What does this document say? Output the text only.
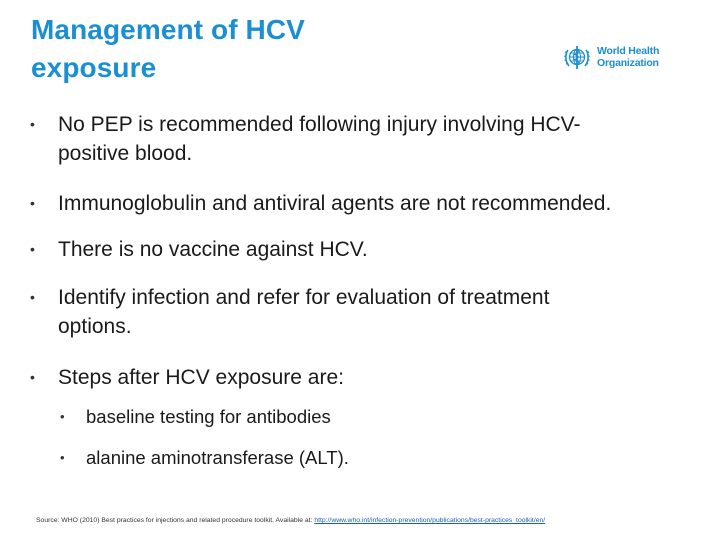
Management of HCV
exposure
World Health
Organization
• No PEP is recommended following injury involving HCV-
positive blood.
• Immunoglobulin and antiviral agents are not recommended.
• There is no vaccine against HCV.
• Identify infection and refer for evaluation of treatment
options.
• Steps after HCV exposure are:
• baseline testing for antibodies
• alanine aminotransferase (ALT).
Source: WHO (2010) Best practices for injections and related procedure toolkit. Available at: http://www.who.int/infection-prevention/publications/best-practices_toolkit/en/
